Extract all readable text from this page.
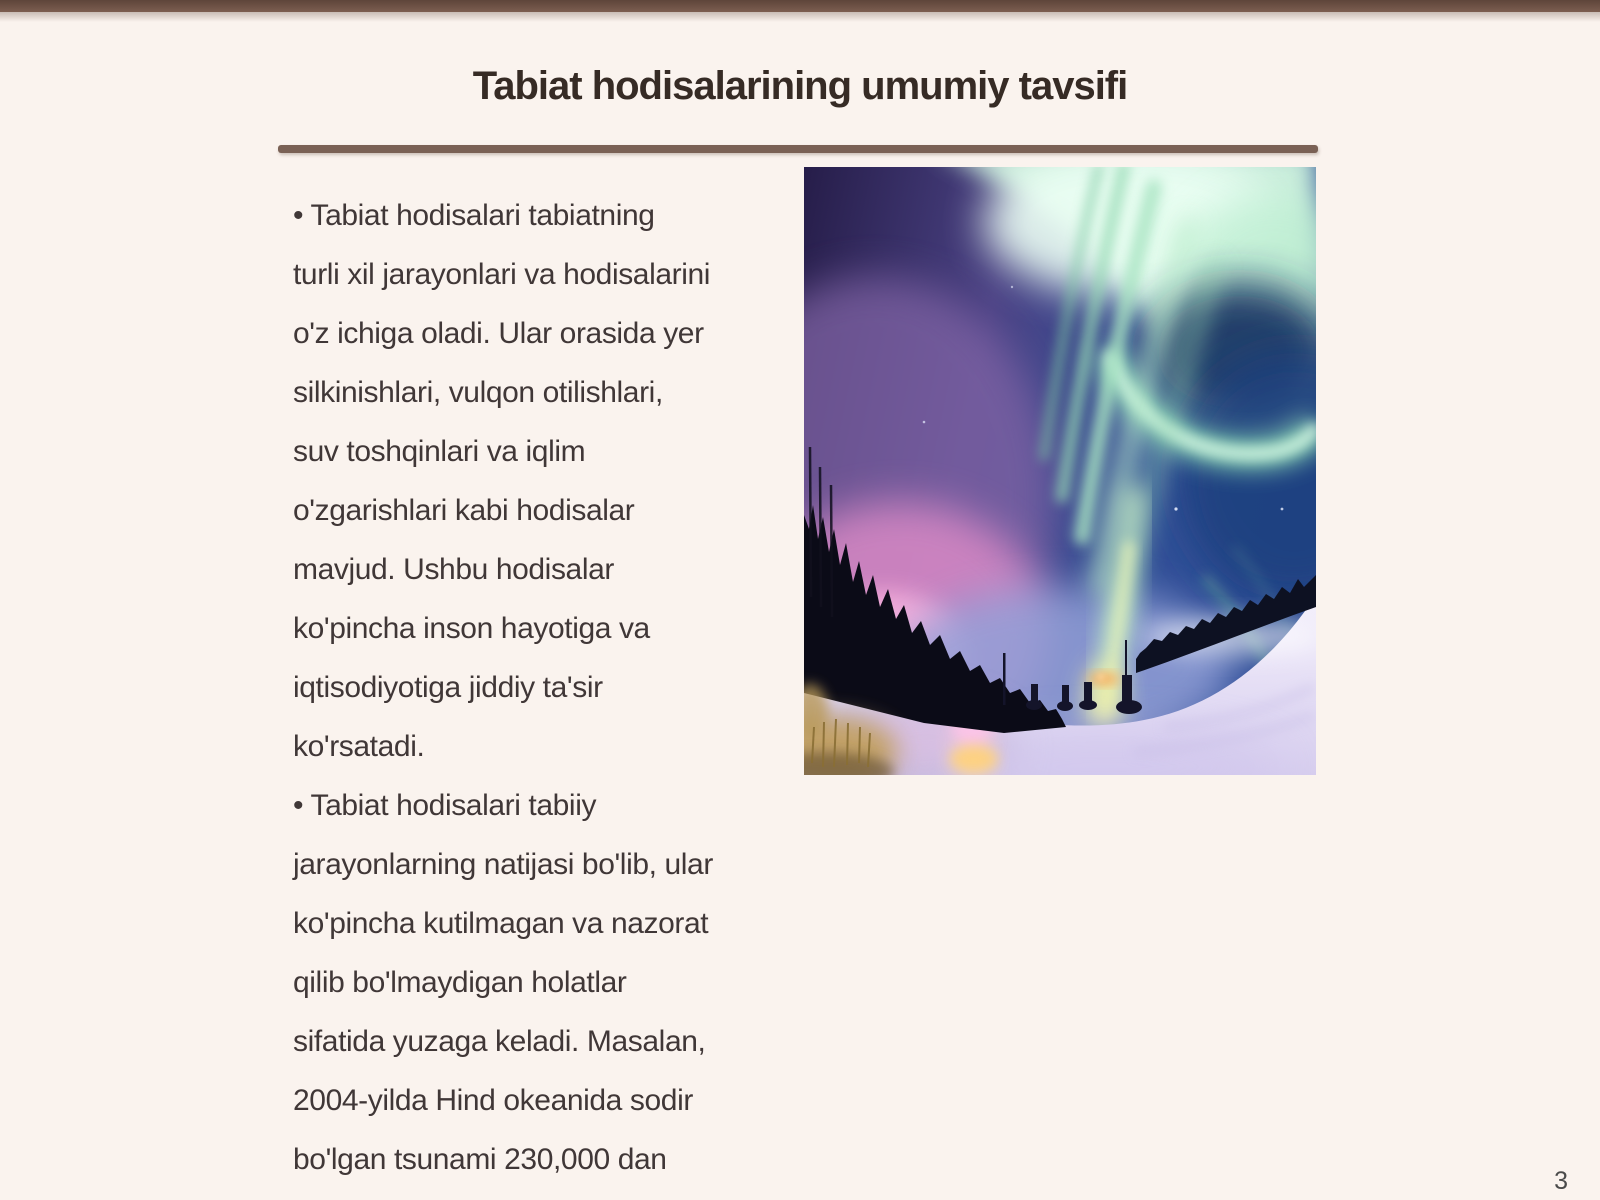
Tabiat hodisalarining umumiy tavsifi
• Tabiat hodisalari tabiatning
turli xil jarayonlari va hodisalarini
o'z ichiga oladi. Ular orasida yer
silkinishlari, vulqon otilishlari,
suv toshqinlari va iqlim
o'zgarishlari kabi hodisalar
mavjud. Ushbu hodisalar
ko'pincha inson hayotiga va
iqtisodiyotiga jiddiy ta'sir
ko'rsatadi.
• Tabiat hodisalari tabiiy
jarayonlarning natijasi bo'lib, ular
ko'pincha kutilmagan va nazorat
qilib bo'lmaydigan holatlar
sifatida yuzaga keladi. Masalan,
2004-yilda Hind okeanida sodir
bo'lgan tsunami 230,000 dan
3
